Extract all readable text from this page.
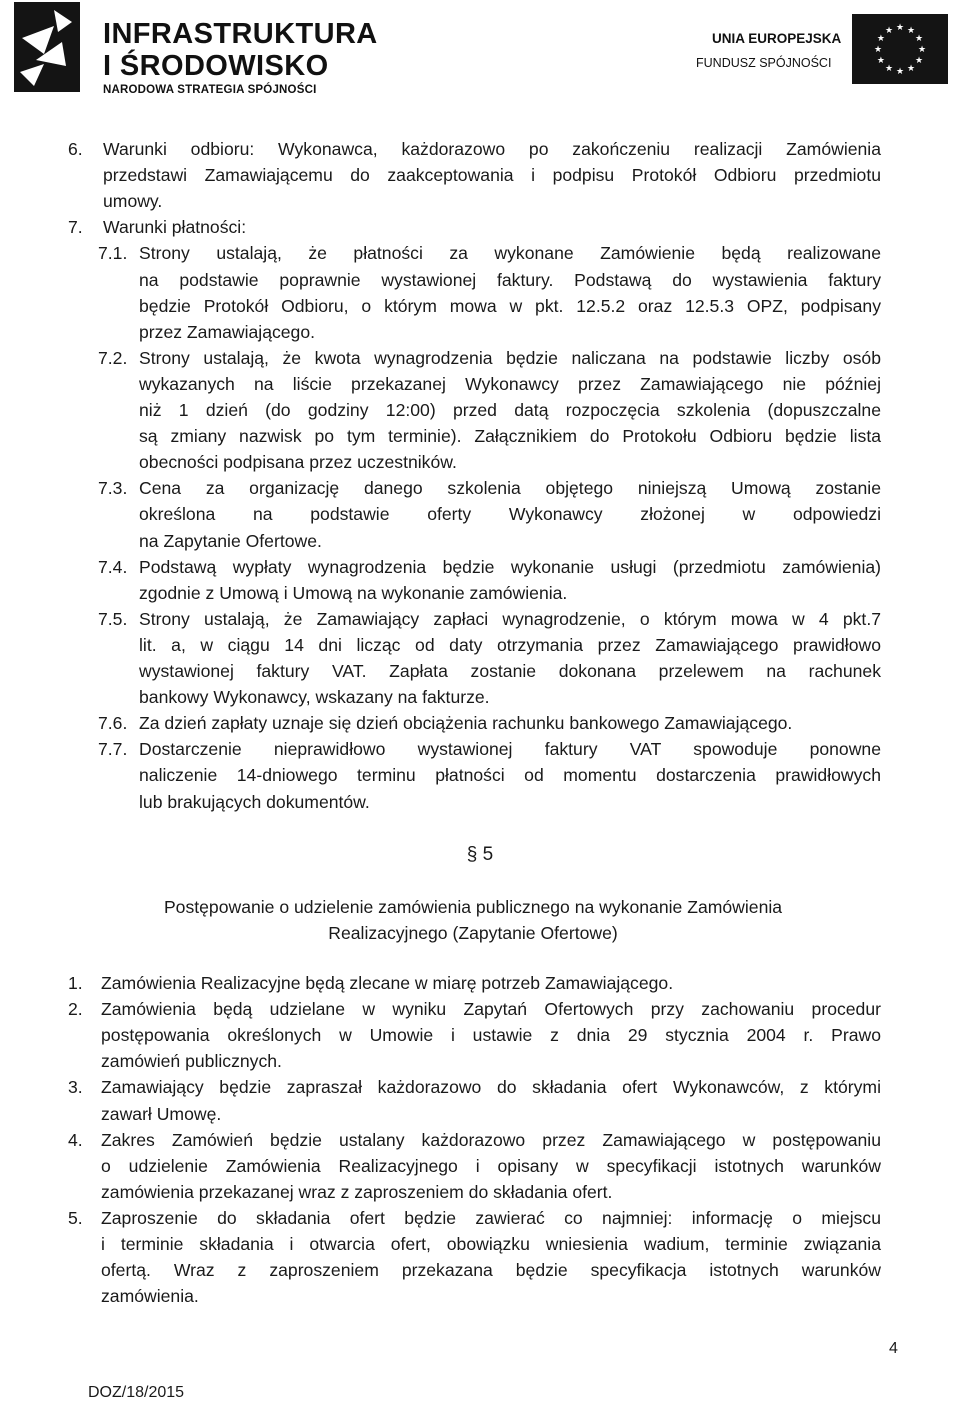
INFRASTRUKTURA
I ŚRODOWISKO
NARODOWA STRATEGIA SPÓJNOŚCI
UNIA EUROPEJSKA
FUNDUSZ SPÓJNOŚCI
★ ★
★
★
★
★
★
★
★
★
★
★
6. Warunki odbioru: Wykonawca, każdorazowo po zakończeniu realizacji Zamówienia
przedstawi Zamawiającemu do zaakceptowania i podpisu Protokół Odbioru przedmiotu
umowy.
7. Warunki płatności:
7.1. Strony ustalają, że płatności za wykonane Zamówienie będą realizowane
na podstawie poprawnie wystawionej faktury. Podstawą do wystawienia faktury
będzie Protokół Odbioru, o którym mowa w pkt. 12.5.2 oraz 12.5.3 OPZ, podpisany
przez Zamawiającego.
7.2. Strony ustalają, że kwota wynagrodzenia będzie naliczana na podstawie liczby osób
wykazanych na liście przekazanej Wykonawcy przez Zamawiającego nie później
niż 1 dzień (do godziny 12:00) przed datą rozpoczęcia szkolenia (dopuszczalne
są zmiany nazwisk po tym terminie). Załącznikiem do Protokołu Odbioru będzie lista
obecności podpisana przez uczestników.
7.3. Cena za organizację danego szkolenia objętego niniejszą Umową zostanie
określona na podstawie oferty Wykonawcy złożonej w odpowiedzi
na Zapytanie Ofertowe.
7.4. Podstawą wypłaty wynagrodzenia będzie wykonanie usługi (przedmiotu zamówienia)
zgodnie z Umową i Umową na wykonanie zamówienia.
7.5. Strony ustalają, że Zamawiający zapłaci wynagrodzenie, o którym mowa w 4 pkt.7
lit. a, w ciągu 14 dni licząc od daty otrzymania przez Zamawiającego prawidłowo
wystawionej faktury VAT. Zapłata zostanie dokonana przelewem na rachunek
bankowy Wykonawcy, wskazany na fakturze.
7.6. Za dzień zapłaty uznaje się dzień obciążenia rachunku bankowego Zamawiającego.
7.7. Dostarczenie nieprawidłowo wystawionej faktury VAT spowoduje ponowne
naliczenie 14-dniowego terminu płatności od momentu dostarczenia prawidłowych
lub brakujących dokumentów.
§ 5
Postępowanie o udzielenie zamówienia publicznego na wykonanie Zamówienia
Realizacyjnego (Zapytanie Ofertowe)
1. Zamówienia Realizacyjne będą zlecane w miarę potrzeb Zamawiającego.
2. Zamówienia będą udzielane w wyniku Zapytań Ofertowych przy zachowaniu procedur
postępowania określonych w Umowie i ustawie z dnia 29 stycznia 2004 r. Prawo
zamówień publicznych.
3. Zamawiający będzie zapraszał każdorazowo do składania ofert Wykonawców, z którymi
zawarł Umowę.
4. Zakres Zamówień będzie ustalany każdorazowo przez Zamawiającego w postępowaniu
o udzielenie Zamówienia Realizacyjnego i opisany w specyfikacji istotnych warunków
zamówienia przekazanej wraz z zaproszeniem do składania ofert.
5. Zaproszenie do składania ofert będzie zawierać co najmniej: informację o miejscu
i terminie składania i otwarcia ofert, obowiązku wniesienia wadium, terminie związania
ofertą. Wraz z zaproszeniem przekazana będzie specyfikacja istotnych warunków
zamówienia.
4
DOZ/18/2015
